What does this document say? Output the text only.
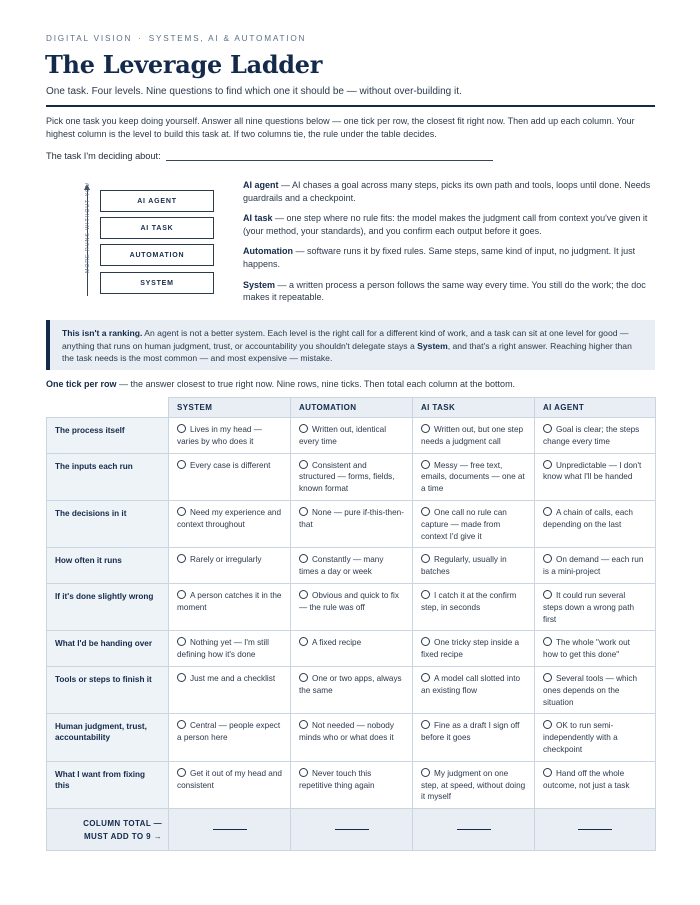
DIGITAL VISION · SYSTEMS, AI & AUTOMATION
The Leverage Ladder
One task. Four levels. Nine questions to find which one it should be — without over-building it.
Pick one task you keep doing yourself. Answer all nine questions below — one tick per row, the closest fit right now. Then add up each column. Your highest column is the level to build this task at. If two columns tie, the rule under the table decides.
The task I'm deciding about:
MORE RUNS WITHOUT YOU	AI AGENT
AI TASK
AUTOMATION
SYSTEM
AI agent — AI chases a goal across many steps, picks its own path and tools, loops until done. Needs guardrails and a checkpoint.
AI task — one step where no rule fits: the model makes the judgment call from context you've given it (your method, your standards), and you confirm each output before it goes.
Automation — software runs it by fixed rules. Same steps, same kind of input, no judgment. It just happens.
System — a written process a person follows the same way every time. You still do the work; the doc makes it repeatable.
This isn't a ranking. An agent is not a better system. Each level is the right call for a different kind of work, and a task can sit at one level for good — anything that runs on human judgment, trust, or accountability you shouldn't delegate stays a System, and that's a right answer. Reaching higher than the task needs is the most common — and most expensive — mistake.
One tick per row — the answer closest to true right now. Nine rows, nine ticks. Then total each column at the bottom.
	SYSTEM	AUTOMATION	AI TASK	AI AGENT
The process itself	Lives in my head — varies by who does it	Written out, identical every time	Written out, but one step needs a judgment call	Goal is clear; the steps change every time
The inputs each run	Every case is different	Consistent and structured — forms, fields, known format	Messy — free text, emails, documents — one at a time	Unpredictable — I don't know what I'll be handed
The decisions in it	Need my experience and context throughout	None — pure if-this-then-that	One call no rule can capture — made from context I'd give it	A chain of calls, each depending on the last
How often it runs	Rarely or irregularly	Constantly — many times a day or week	Regularly, usually in batches	On demand — each run is a mini-project
If it's done slightly wrong	A person catches it in the moment	Obvious and quick to fix — the rule was off	I catch it at the confirm step, in seconds	It could run several steps down a wrong path first
What I'd be handing over	Nothing yet — I'm still defining how it's done	A fixed recipe	One tricky step inside a fixed recipe	The whole "work out how to get this done"
Tools or steps to finish it	Just me and a checklist	One or two apps, always the same	A model call slotted into an existing flow	Several tools — which ones depends on the situation
Human judgment, trust, accountability	Central — people expect a person here	Not needed — nobody minds who or what does it	Fine as a draft I sign off before it goes	OK to run semi-independently with a checkpoint
What I want from fixing this	Get it out of my head and consistent	Never touch this repetitive thing again	My judgment on one step, at speed, without doing it myself	Hand off the whole outcome, not just a task

COLUMN TOTAL —
MUST ADD TO 9 →				
